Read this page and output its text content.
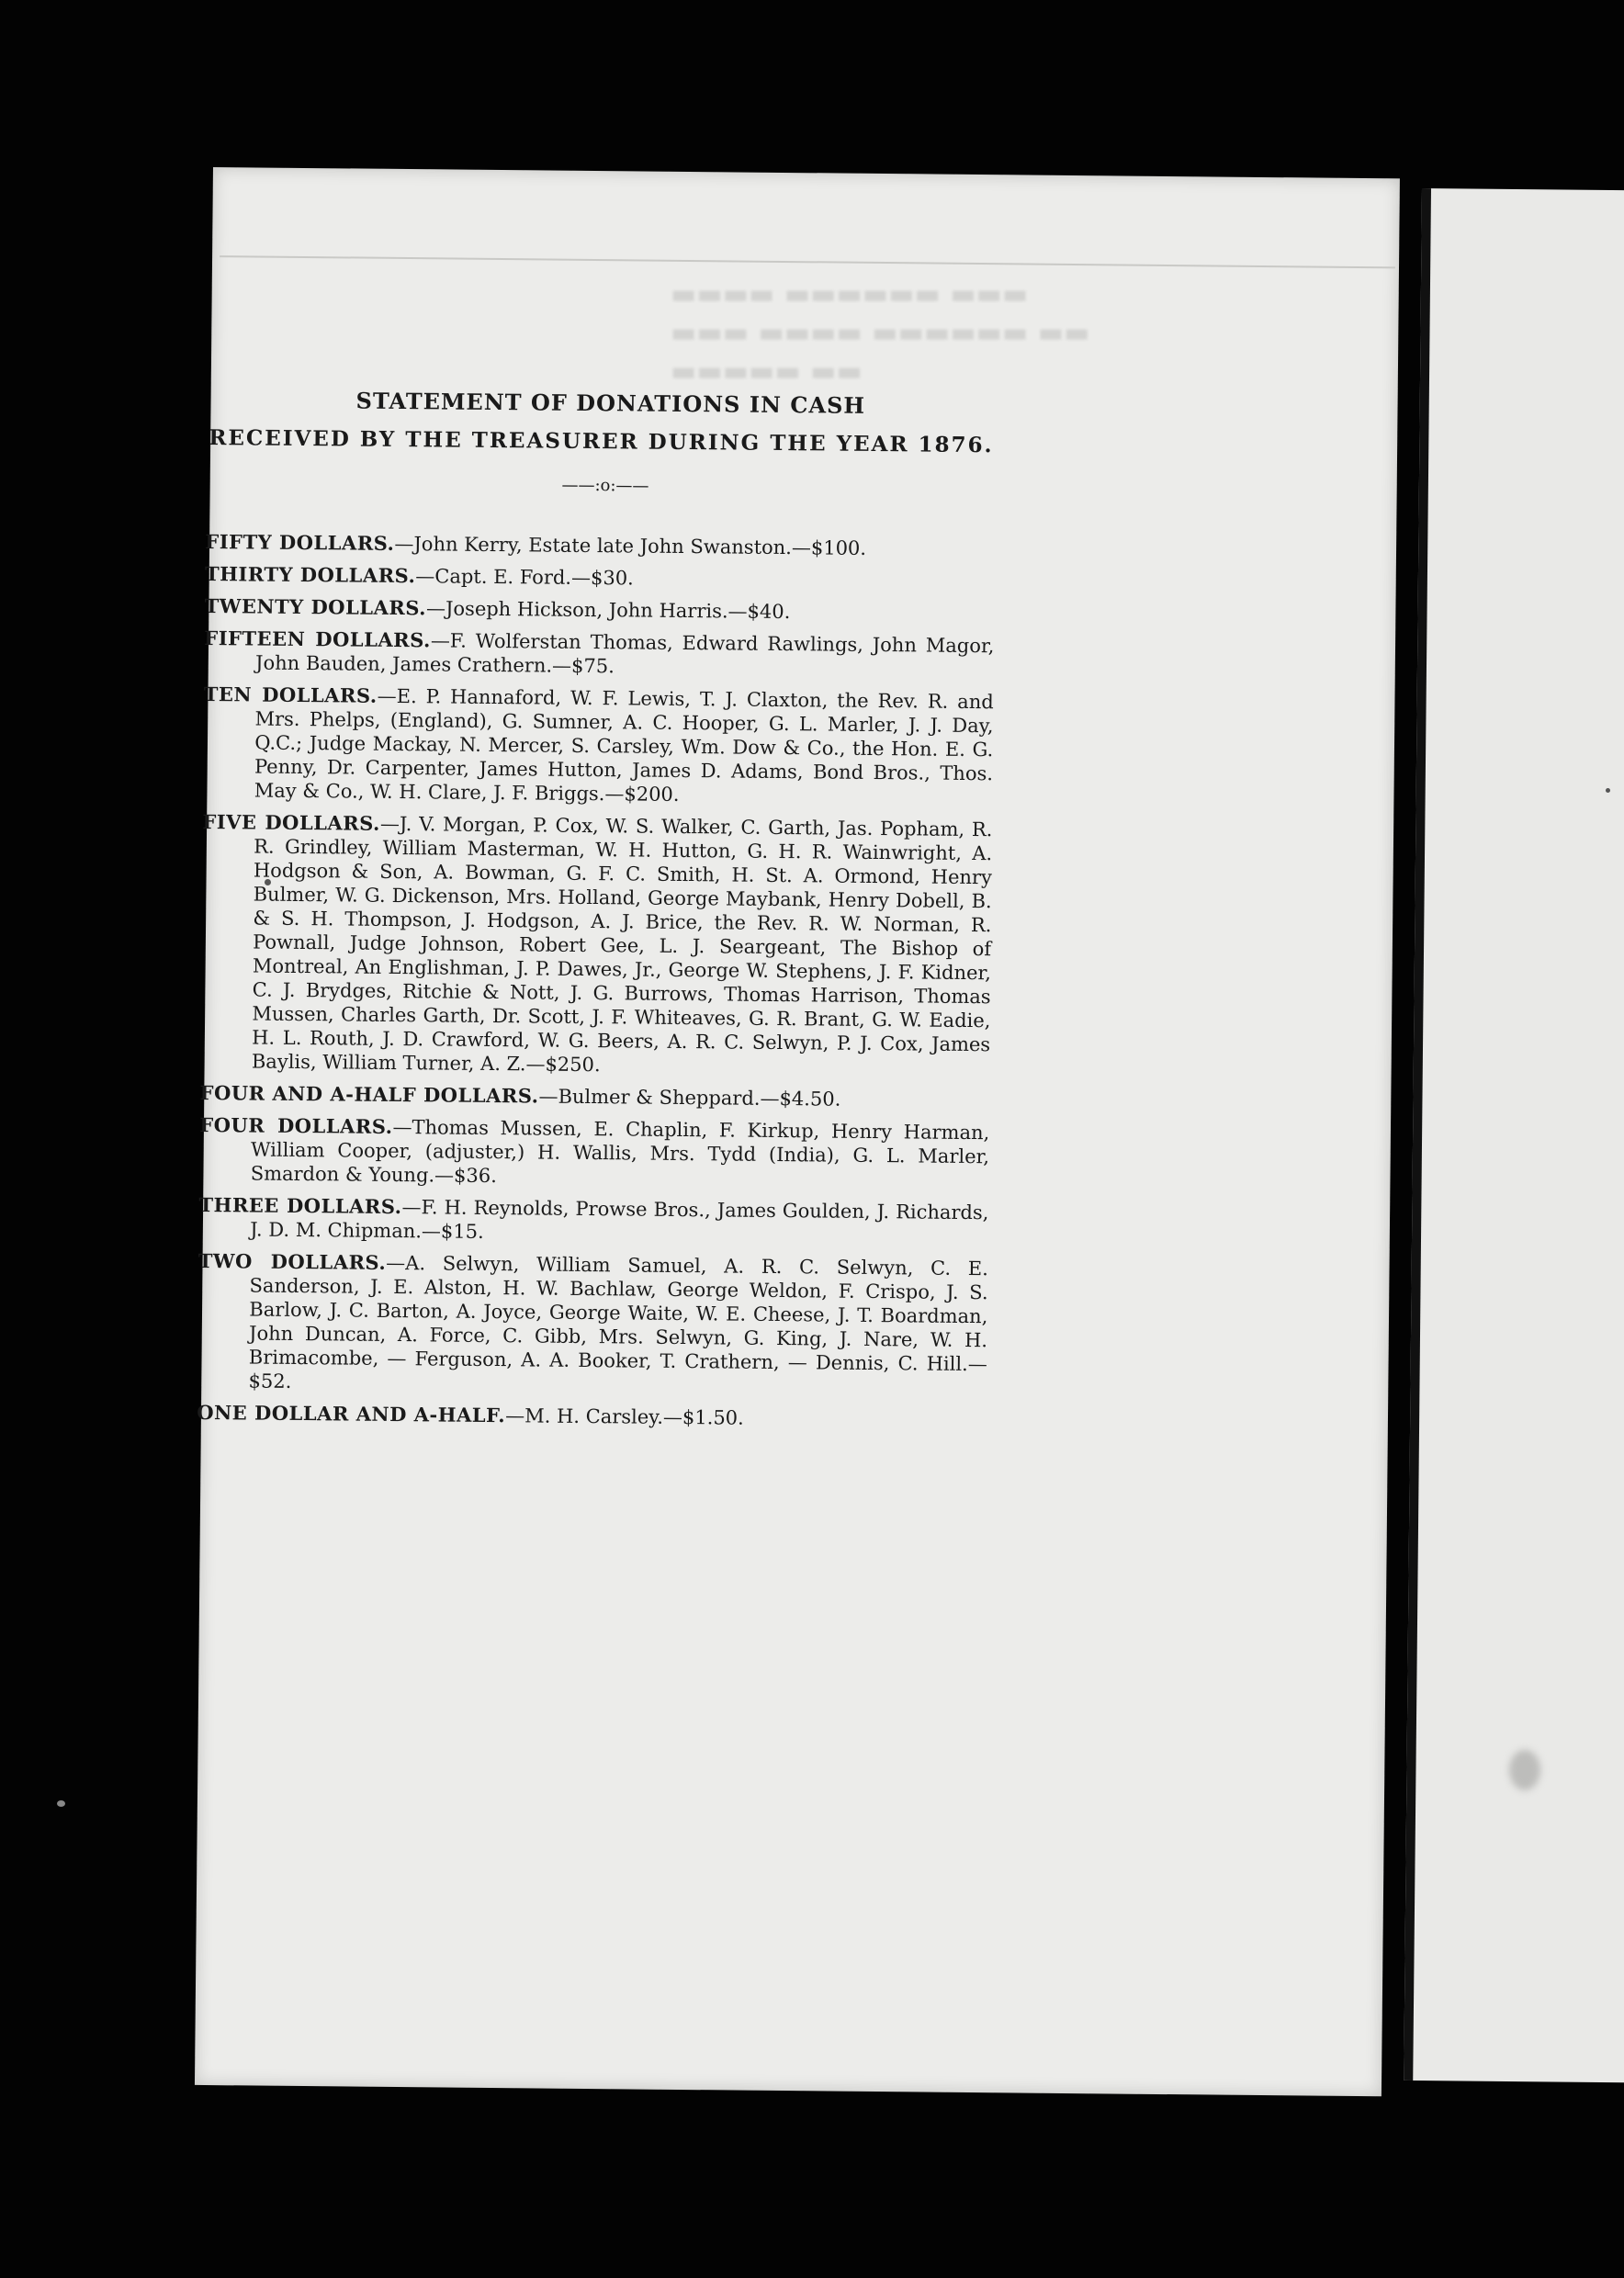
▬▬▬▬ ▬▬▬▬▬▬ ▬▬▬
▬▬▬ ▬▬▬▬ ▬▬▬▬▬▬ ▬▬
▬▬▬▬▬ ▬▬
STATEMENT OF DONATIONS IN CASH
RECEIVED BY THE TREASURER DURING THE YEAR 1876.
——:o:——

FIFTY DOLLARS.—John Kerry, Estate late John Swanston.—$100.

THIRTY DOLLARS.—Capt. E. Ford.—$30.

TWENTY DOLLARS.—Joseph Hickson, John Harris.—$40.

FIFTEEN DOLLARS.—F. Wolferstan Thomas, Edward Rawlings, John Magor, John Bauden, James Crathern.—$75.

TEN DOLLARS.—E. P. Hannaford, W. F. Lewis, T. J. Claxton, the Rev. R. and Mrs. Phelps, (England), G. Sumner, A. C. Hooper, G. L. Marler, J. J. Day, Q.C.; Judge Mackay, N. Mercer, S. Carsley, Wm. Dow & Co., the Hon. E. G. Penny, Dr. Carpenter, James Hutton, James D. Adams, Bond Bros., Thos. May & Co., W. H. Clare, J. F. Briggs.—$200.

FIVE DOLLARS.—J. V. Morgan, P. Cox, W. S. Walker, C. Garth, Jas. Popham, R. R. Grindley, William Masterman, W. H. Hutton, G. H. R. Wainwright, A. Hodgson & Son, A. Bowman, G. F. C. Smith, H. St. A. Ormond, Henry Bulmer, W. G. Dickenson, Mrs. Holland, George Maybank, Henry Dobell, B. & S. H. Thompson, J. Hodgson, A. J. Brice, the Rev. R. W. Norman, R. Pownall, Judge Johnson, Robert Gee, L. J. Seargeant, The Bishop of Montreal, An Englishman, J. P. Dawes, Jr., George W. Stephens, J. F. Kidner, C. J. Brydges, Ritchie & Nott, J. G. Burrows, Thomas Harrison, Thomas Mussen, Charles Garth, Dr. Scott, J. F. Whiteaves, G. R. Brant, G. W. Eadie, H. L. Routh, J. D. Crawford, W. G. Beers, A. R. C. Selwyn, P. J. Cox, James Baylis, William Turner, A. Z.—$250.

FOUR AND A-HALF DOLLARS.—Bulmer & Sheppard.—$4.50.

FOUR DOLLARS.—Thomas Mussen, E. Chaplin, F. Kirkup, Henry Harman, William Cooper, (adjuster,) H. Wallis, Mrs. Tydd (India), G. L. Marler, Smardon & Young.—$36.

THREE DOLLARS.—F. H. Reynolds, Prowse Bros., James Goulden, J. Richards, J. D. M. Chipman.—$15.

TWO DOLLARS.—A. Selwyn, William Samuel, A. R. C. Selwyn, C. E. Sanderson, J. E. Alston, H. W. Bachlaw, George Weldon, F. Crispo, J. S. Barlow, J. C. Barton, A. Joyce, George Waite, W. E. Cheese, J. T. Boardman, John Duncan, A. Force, C. Gibb, Mrs. Selwyn, G. King, J. Nare, W. H. Brimacombe, — Ferguson, A. A. Booker, T. Crathern, — Dennis, C. Hill.—$52.

ONE DOLLAR AND A-HALF.—M. H. Carsley.—$1.50.
